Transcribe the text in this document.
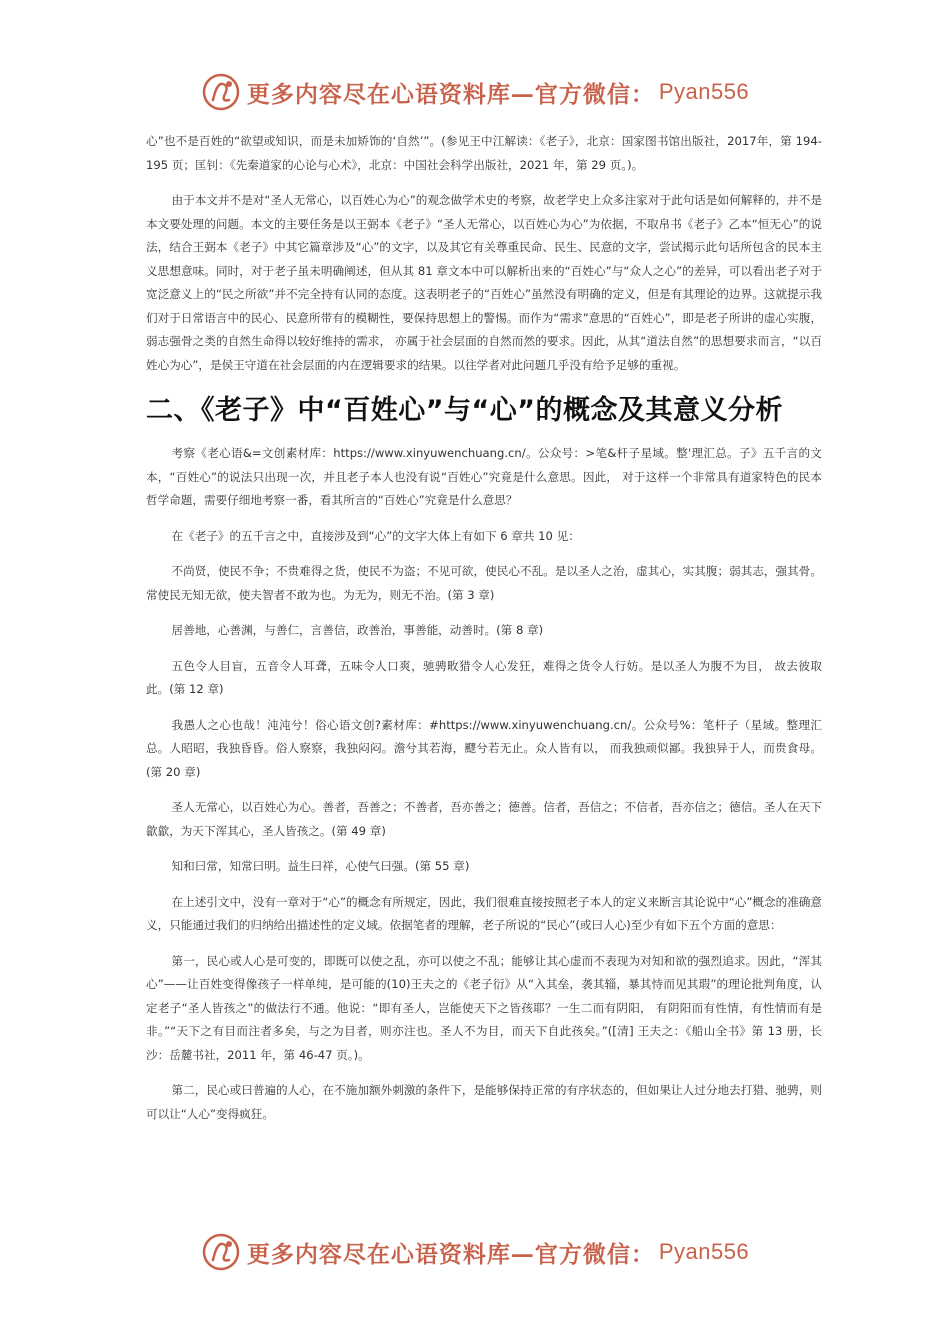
更多内容尽在心语资料库—官方微信： Pyan556

心”也不是百姓的“欲望或知识，而是未加矫饰的‘自然’”。(参见王中江解读：《老子》，北京：国家图书馆出版社，2017年，第 194-195 页；匡钊：《先秦道家的心论与心术》，北京：中国社会科学出版社，2021 年，第 29 页。)。

由于本文并不是对“圣人无常心，以百姓心为心”的观念做学术史的考察，故老学史上众多注家对于此句话是如何解释的，并不是本文要处理的问题。本文的主要任务是以王弼本《老子》“圣人无常心，以百姓心为心”为依据，不取帛书《老子》乙本“恒无心”的说法，结合王弼本《老子》中其它篇章涉及“心”的文字，以及其它有关尊重民命、民生、民意的文字，尝试揭示此句话所包含的民本主义思想意味。同时，对于老子虽未明确阐述，但从其 81 章文本中可以解析出来的“百姓心”与“众人之心”的差异，可以看出老子对于宽泛意义上的“民之所欲”并不完全持有认同的态度。这表明老子的“百姓心”虽然没有明确的定义，但是有其理论的边界。这就提示我们对于日常语言中的民心、民意所带有的模糊性，要保持思想上的警惕。而作为“需求”意思的“百姓心”，即是老子所讲的虚心实腹，弱志强骨之类的自然生命得以较好维持的需求， 亦属于社会层面的自然而然的要求。因此，从其“道法自然”的思想要求而言，“以百姓心为心”，是侯王守道在社会层面的内在逻辑要求的结果。以往学者对此问题几乎没有给予足够的重视。

二、《老子》中“百姓心”与“心”的概念及其意义分析

考察《老心语&=文创素材库：https://www.xinyuwenchuang.cn/。公众号：>笔&杆子星域。整'理汇总。子》五千言的文本，“百姓心”的说法只出现一次，并且老子本人也没有说“百姓心”究竟是什么意思。因此， 对于这样一个非常具有道家特色的民本哲学命题，需要仔细地考察一番，看其所言的“百姓心”究竟是什么意思？

在《老子》的五千言之中，直接涉及到“心”的文字大体上有如下 6 章共 10 见：

不尚贤，使民不争；不贵难得之货，使民不为盗；不见可欲，使民心不乱。是以圣人之治，虚其心，实其腹；弱其志，强其骨。常使民无知无欲，使夫智者不敢为也。为无为，则无不治。(第 3 章)

居善地，心善渊，与善仁，言善信，政善治，事善能，动善时。(第 8 章)

五色令人目盲，五音令人耳聋，五味令人口爽，驰骋畋猎令人心发狂，难得之货令人行妨。是以圣人为腹不为目， 故去彼取此。(第 12 章)

我愚人之心也哉！沌沌兮！俗心语文创?素材库：#https://www.xinyuwenchuang.cn/。公众号%：笔杆子（星域。整理汇总。人昭昭，我独昏昏。俗人察察，我独闷闷。澹兮其若海，飂兮若无止。众人皆有以， 而我独顽似鄙。我独异于人，而贵食母。(第 20 章)

圣人无常心，以百姓心为心。善者，吾善之；不善者，吾亦善之；德善。信者，吾信之；不信者，吾亦信之；德信。圣人在天下歙歙，为天下浑其心，圣人皆孩之。(第 49 章)

知和曰常，知常曰明。益生曰祥，心使气曰强。(第 55 章)

在上述引文中，没有一章对于“心”的概念有所规定，因此，我们很难直接按照老子本人的定义来断言其论说中“心”概念的准确意义，只能通过我们的归纳给出描述性的定义域。依据笔者的理解，老子所说的“民心”(或曰人心)至少有如下五个方面的意思：

第一，民心或人心是可变的，即既可以使之乱，亦可以使之不乱；能够让其心虚而不表现为对知和欲的强烈追求。因此，“浑其心”——让百姓变得像孩子一样单纯，是可能的(10)王夫之的《老子衍》从“入其垒，袭其辎，暴其恃而见其瑕”的理论批判角度，认定老子“圣人皆孩之”的做法行不通。他说：“即有圣人，岂能使天下之皆孩耶？一生二而有阴阳， 有阴阳而有性情，有性情而有是非。”“天下之有目而注者多矣，与之为目者，则亦注也。圣人不为目，而天下自此孩矣。”([清] 王夫之：《船山全书》第 13 册，长沙：岳麓书社，2011 年，第 46-47 页。)。

第二，民心或曰普遍的人心，在不施加额外刺激的条件下，是能够保持正常的有序状态的，但如果让人过分地去打猎、驰骋，则可以让“人心”变得疯狂。

更多内容尽在心语资料库—官方微信： Pyan556
